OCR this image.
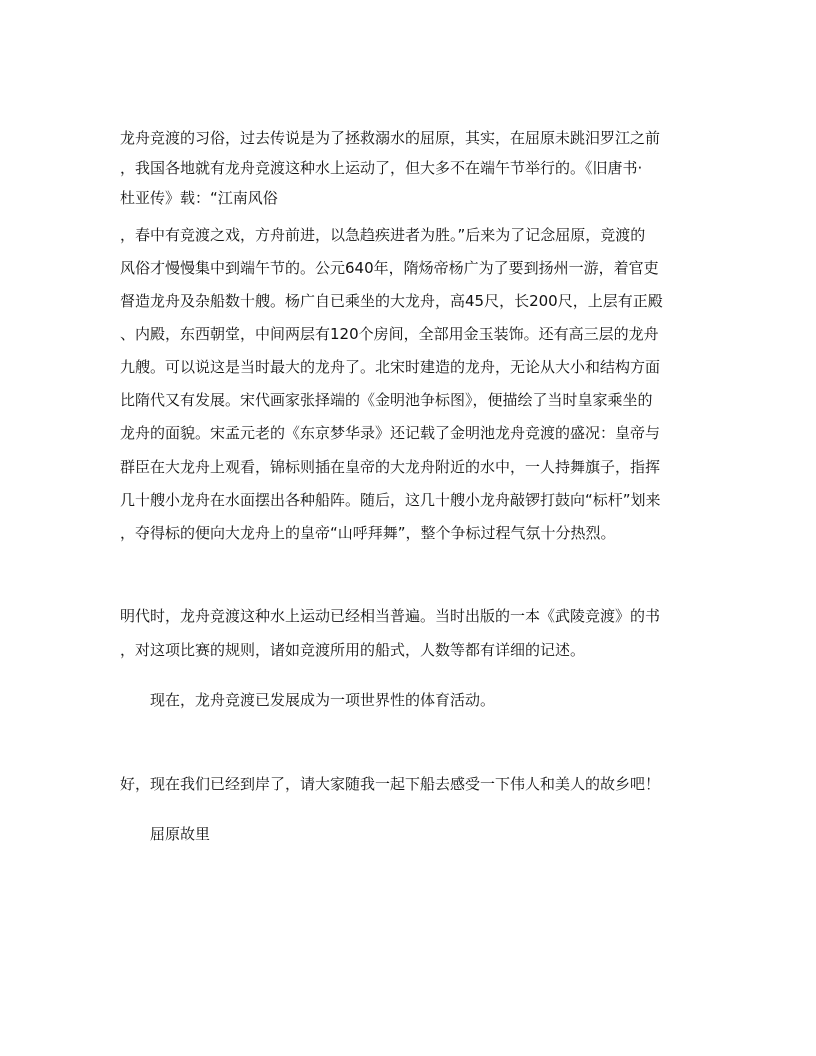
龙舟竞渡的习俗，过去传说是为了拯救溺水的屈原，其实，在屈原未跳汨罗江之前
，我国各地就有龙舟竞渡这种水上运动了，但大多不在端午节举行的。《旧唐书·
杜亚传》载：“江南风俗
，春中有竞渡之戏，方舟前进，以急趋疾进者为胜。”后来为了记念屈原，竞渡的
风俗才慢慢集中到端午节的。公元640年，隋炀帝杨广为了要到扬州一游，着官吏
督造龙舟及杂船数十艘。杨广自已乘坐的大龙舟，高45尺，长200尺，上层有正殿
、内殿，东西朝堂，中间两层有120个房间，全部用金玉装饰。还有高三层的龙舟
九艘。可以说这是当时最大的龙舟了。北宋时建造的龙舟，无论从大小和结构方面
比隋代又有发展。宋代画家张择端的《金明池争标图》，便描绘了当时皇家乘坐的
龙舟的面貌。宋孟元老的《东京梦华录》还记载了金明池龙舟竞渡的盛况：皇帝与
群臣在大龙舟上观看，锦标则插在皇帝的大龙舟附近的水中，一人持舞旗子，指挥
几十艘小龙舟在水面摆出各种船阵。随后，这几十艘小龙舟敲锣打鼓向“标杆”划来
，夺得标的便向大龙舟上的皇帝“山呼拜舞”，整个争标过程气氛十分热烈。
明代时，龙舟竞渡这种水上运动已经相当普遍。当时出版的一本《武陵竞渡》的书
，对这项比赛的规则，诸如竞渡所用的船式，人数等都有详细的记述。
现在，龙舟竞渡已发展成为一项世界性的体育活动。
好，现在我们已经到岸了，请大家随我一起下船去感受一下伟人和美人的故乡吧！
屈原故里
